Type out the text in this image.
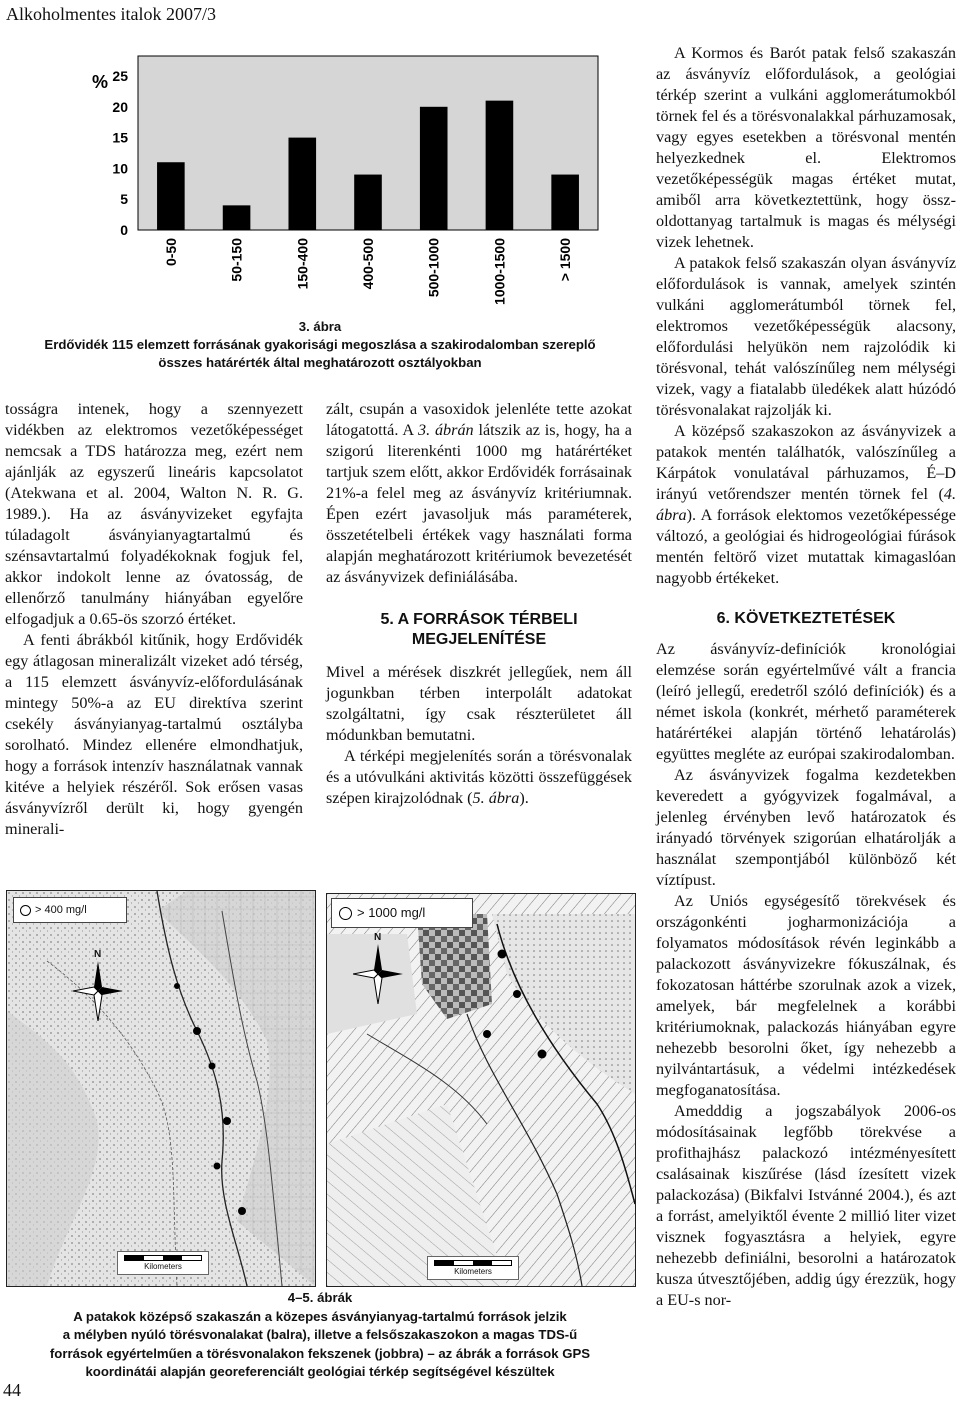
Alkoholmentes italok 2007/3
%
0
5
10
15
20
25
0-50	50-150	150-400	400-500	500-1000	1000-1500	> 1500
3. ábra
Erdővidék 115 elemzett forrásának gyakorisági megoszlása a szakirodalomban szereplő
összes határérték által meghatározott osztályokban

tosságra intenek, hogy a szennyezett vidékben az elektromos vezetőképességet nemcsak a TDS határozza meg, ezért nem ajánlják az egyszerű lineáris kapcsolatot (Atekwana et al. 2004, Walton N. R. G. 1989.). Ha az ásványvizeket egyfajta túladagolt ásványianyagtartalmú és szénsavtartalmú folyadékoknak fogjuk fel, akkor indokolt lenne az óvatosság, de ellenőrző tanulmány hiányában egyelőre elfogadjuk a 0.65-ös szorzó értéket.

A fenti ábrákból kitűnik, hogy Erdővidék egy átlagosan mineralizált vizeket adó térség, a 115 elemzett ásványvíz-előfordulásának mintegy 50%-a az EU direktíva szerint csekély ásványianyag-tartalmú osztályba sorolható. Mindez ellenére elmondhatjuk, hogy a források intenzív használatnak vannak kitéve a helyiek részéről. Sok erősen vasas ásványvízről derült ki, hogy gyengén minerali-

zált, csupán a vasoxidok jelenléte tette azokat látogatottá. A 3. ábrán látszik az is, hogy, ha a szigorú literenkénti 1000 mg határértéket tartjuk szem előtt, akkor Erdővidék forrásainak 21%-a felel meg az ásványvíz kritériumnak. Épen ezért javasoljuk más paraméterek, összetételbeli értékek vagy használati forma alapján meghatározott kritériumok bevezetését az ásványvizek definiálásába.

5. A FORRÁSOK TÉRBELI
MEGJELENÍTÉSE

Mivel a mérések diszkrét jellegűek, nem áll jogunkban térben interpolált adatokat szolgáltatni, így csak részterületet áll módunkban bemutatni.

A térképi megjelenítés során a törésvonalak és a utóvulkáni aktivitás közötti összefüggések szépen kirajzolódnak (5. ábra).

A Kormos és Barót patak felső szakaszán az ásványvíz előfordulások, a geológiai térkép szerint a vulkáni agglomerátumokból törnek fel és a törésvonalakkal párhuzamosak, vagy egyes esetekben a törésvonal mentén helyezkednek el. Elektromos vezetőképességük magas értéket mutat, amiből arra következtettünk, hogy össz-oldottanyag tartalmuk is magas és mélységi vizek lehetnek.

A patakok felső szakaszán olyan ásványvíz előfordulások is vannak, amelyek szintén vulkáni agglomerátumból törnek fel, elektromos vezetőképességük alacsony, előfordulási helyükön nem rajzolódik ki törésvonal, tehát valószínűleg nem mélységi vizek, vagy a fiatalabb üledékek alatt húzódó törésvonalakat rajzolják ki.

A középső szakaszokon az ásványvizek a patakok mentén találhatók, valószínűleg a Kárpátok vonulatával párhuzamos, É–D irányú vetőrendszer mentén törnek fel (4. ábra). A források elektomos vezetőképessége változó, a geológiai és hidrogeológiai fúrások mentén feltörő vizet mutattak kimagaslóan nagyobb értékeket.

6. KÖVETKEZTETÉSEK

Az ásványvíz-definíciók kronológiai elemzése során egyértelművé vált a francia (leíró jellegű, eredetről szóló definíciók) és a német iskola (konkrét, mérhető paraméterek határértékei alapján történő lehatárolás) együttes megléte az európai szakirodalomban.

Az ásványvizek fogalma kezdetekben keveredett a gyógyvizek fogalmával, a jelenleg érvényben levő határozatok és irányadó törvények szigorúan elhatárolják a használat szempontjából különböző két víztípust.

Az Uniós egységesítő törekvések és országonkénti jogharmonizációja a folyamatos módosítások révén leginkább a palackozott ásványvizekre fókuszálnak, és fokozatosan háttérbe szorulnak azok a vizek, amelyek, bár megfelelnek a korábbi kritériumoknak, palackozás hiányában egyre nehezebb besorolni őket, így nehezebb a nyilvántartásuk, a védelmi intézkedések megfoganatosítása.

Amedddig a jogszabályok 2006-os módosításainak legfőbb törekvése a profithajhász palackozó intézményesített csalásainak kiszűrése (lásd ízesített vizek palackozása) (Bikfalvi Istvánné 2004.), és azt a forrást, amelyiktől évente 2 millió liter vizet visznek fogyasztásra a helyiek, egyre nehezebb definiálni, besorolni a határozatok kusza útvesztőjében, addig úgy érezzük, hogy a EU-s nor-

> 400 mg/l
N
Kilometers
> 1000 mg/l
N
Kilometers
4–5. ábrák
A patakok középső szakaszán a közepes ásványianyag-tartalmú források jelzik
a mélyben nyúló törésvonalakat (balra), illetve a felsőszakaszokon a magas TDS-ű
források egyértelműen a törésvonalakon fekszenek (jobbra) – az ábrák a források GPS
koordinátái alapján georeferenciált geológiai térkép segítségével készültek
44
